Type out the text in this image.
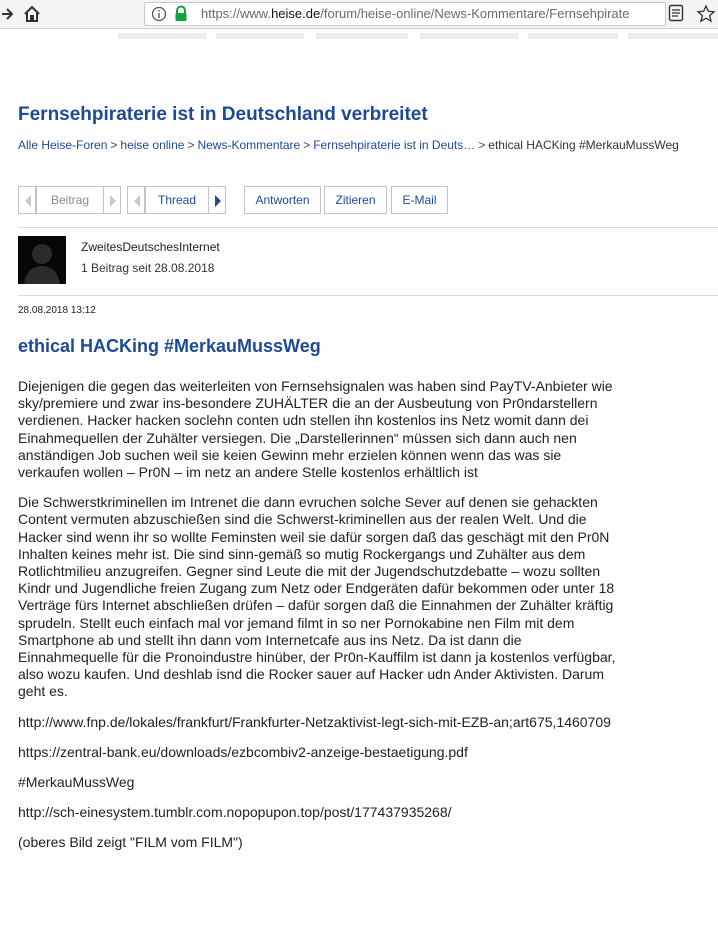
https://www.heise.de/forum/heise-online/News-Kommentare/Fernsehpirate
Fernsehpiraterie ist in Deutschland verbreitet
Alle Heise-Foren > heise online > News-Kommentare > Fernsehpiraterie ist in Deuts… > ethical HACKing #MerkauMussWeg
Beitrag	Thread	Antworten	Zitieren	E-Mail
ZweitesDeutschesInternet
1 Beitrag seit 28.08.2018
28.08.2018 13:12
ethical HACKing #MerkauMussWeg

Diejenigen die gegen das weiterleiten von Fernsehsignalen was haben sind PayTV-Anbieter wie sky/premiere und zwar ins-besondere ZUHÄLTER die an der Ausbeutung von Pr0ndarstellern verdienen. Hacker hacken soclehn conten udn stellen ihn kostenlos ins Netz womit dann dei Einahmequellen der Zuhälter versiegen. Die „Darstellerinnen“ müssen sich dann auch nen anständigen Job suchen weil sie keien Gewinn mehr erzielen können wenn das was sie verkaufen wollen – Pr0N – im netz an andere Stelle kostenlos erhältlich ist

Die Schwerstkriminellen im Intrenet die dann evruchen solche Sever auf denen sie gehackten Content vermuten abzuschießen sind die Schwerst-kriminellen aus der realen Welt. Und die Hacker sind wenn ihr so wollte Feminsten weil sie dafür sorgen daß das geschägt mit den Pr0N Inhalten keines mehr ist. Die sind sinn-gemäß so mutig Rockergangs und Zuhälter aus dem Rotlichtmilieu anzugreifen. Gegner sind Leute die mit der Jugendschutzdebatte – wozu sollten Kindr und Jugendliche freien Zugang zum Netz oder Endgeräten dafür bekommen oder unter 18 Verträge fürs Internet abschließen drüfen – dafür sorgen daß die Einnahmen der Zuhälter kräftig sprudeln. Stellt euch einfach mal vor jemand filmt in so ner Pornokabine nen Film mit dem Smartphone ab und stellt ihn dann vom Internetcafe aus ins Netz. Da ist dann die Einnahmequelle für die Pronoindustre hinüber, der Pr0n-Kauffilm ist dann ja kostenlos verfügbar, also wozu kaufen. Und deshlab isnd die Rocker sauer auf Hacker udn Ander Aktivisten. Darum geht es.

http://www.fnp.de/lokales/frankfurt/Frankfurter-Netzaktivist-legt-sich-mit-EZB-an;art675,1460709

https://zentral-bank.eu/downloads/ezbcombiv2-anzeige-bestaetigung.pdf

#MerkauMussWeg

http://sch-einesystem.tumblr.com.nopopupon.top/post/177437935268/

(oberes Bild zeigt "FILM vom FILM")
